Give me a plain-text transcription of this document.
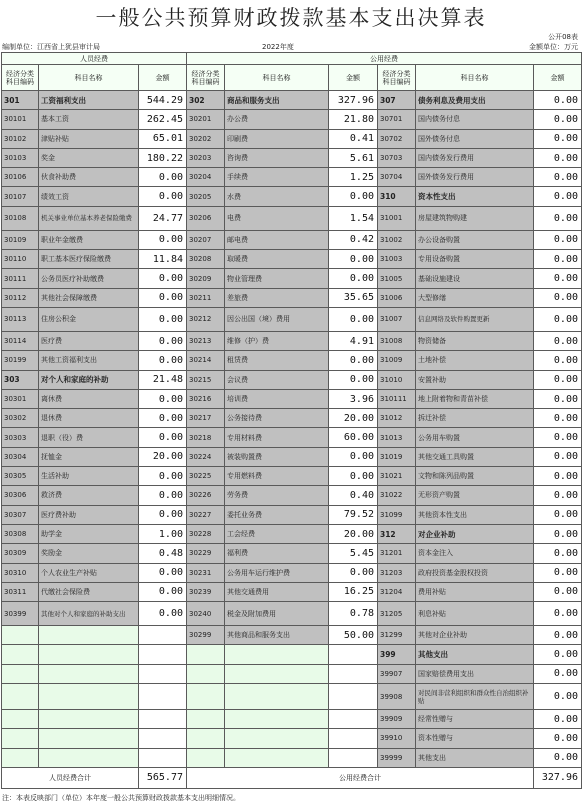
一般公共预算财政拨款基本支出决算表
公开08表
编制单位：江西省上犹县审计局	2022年度	金额单位：万元
人员经费			公用经费					
经济分类科目编码	科目名称	金额	经济分类科目编码	科目名称	金额	经济分类科目编码	科目名称	金额
301	工资福利支出	544.29	302	商品和服务支出	327.96	307	债务利息及费用支出	0.00
30101	基本工资	262.45	30201	办公费	21.80	30701	国内债务付息	0.00
30102	津贴补贴	65.01	30202	印刷费	0.41	30702	国外债务付息	0.00
30103	奖金	180.22	30203	咨询费	5.61	30703	国内债务发行费用	0.00
30106	伙食补助费	0.00	30204	手续费	1.25	30704	国外债务发行费用	0.00
30107	绩效工资	0.00	30205	水费	0.00	310	资本性支出	0.00
30108	机关事业单位基本养老保险缴费	24.77	30206	电费	1.54	31001	房屋建筑物购建	0.00
30109	职业年金缴费	0.00	30207	邮电费	0.42	31002	办公设备购置	0.00
30110	职工基本医疗保险缴费	11.84	30208	取暖费	0.00	31003	专用设备购置	0.00
30111	公务员医疗补助缴费	0.00	30209	物业管理费	0.00	31005	基础设施建设	0.00
30112	其他社会保障缴费	0.00	30211	差旅费	35.65	31006	大型修缮	0.00
30113	住房公积金	0.00	30212	因公出国（境）费用	0.00	31007	信息网络及软件购置更新	0.00
30114	医疗费	0.00	30213	维修（护）费	4.91	31008	物资储备	0.00
30199	其他工资福利支出	0.00	30214	租赁费	0.00	31009	土地补偿	0.00
303	对个人和家庭的补助	21.48	30215	会议费	0.00	31010	安置补助	0.00
30301	离休费	0.00	30216	培训费	3.96	310111	地上附着物和青苗补偿	0.00
30302	退休费	0.00	30217	公务接待费	20.00	31012	拆迁补偿	0.00
30303	退职（役）费	0.00	30218	专用材料费	60.00	31013	公务用车购置	0.00
30304	抚恤金	20.00	30224	被装购置费	0.00	31019	其他交通工具购置	0.00
30305	生活补助	0.00	30225	专用燃料费	0.00	31021	文物和陈列品购置	0.00
30306	救济费	0.00	30226	劳务费	0.40	31022	无形资产购置	0.00
30307	医疗费补助	0.00	30227	委托业务费	79.52	31099	其他资本性支出	0.00
30308	助学金	1.00	30228	工会经费	20.00	312	对企业补助	0.00
30309	奖励金	0.48	30229	福利费	5.45	31201	资本金注入	0.00
30310	个人农业生产补贴	0.00	30231	公务用车运行维护费	0.00	31203	政府投资基金股权投资	0.00
30311	代缴社会保险费	0.00	30239	其他交通费用	16.25	31204	费用补贴	0.00
30399	其他对个人和家庭的补助支出	0.00	30240	税金及附加费用	0.78	31205	利息补贴	0.00
			30299	其他商品和服务支出	50.00	31299	其他对企业补助	0.00
						399	其他支出	0.00
						39907	国家赔偿费用支出	0.00
						39908	对民间非营利组织和群众性自治组织补贴	0.00
						39909	经常性赠与	0.00
						39910	资本性赠与	0.00
						39999	其他支出	0.00
人员经费合计		565.77	公用经费合计					327.96
注：本表反映部门（单位）本年度一般公共预算财政拨款基本支出明细情况。
